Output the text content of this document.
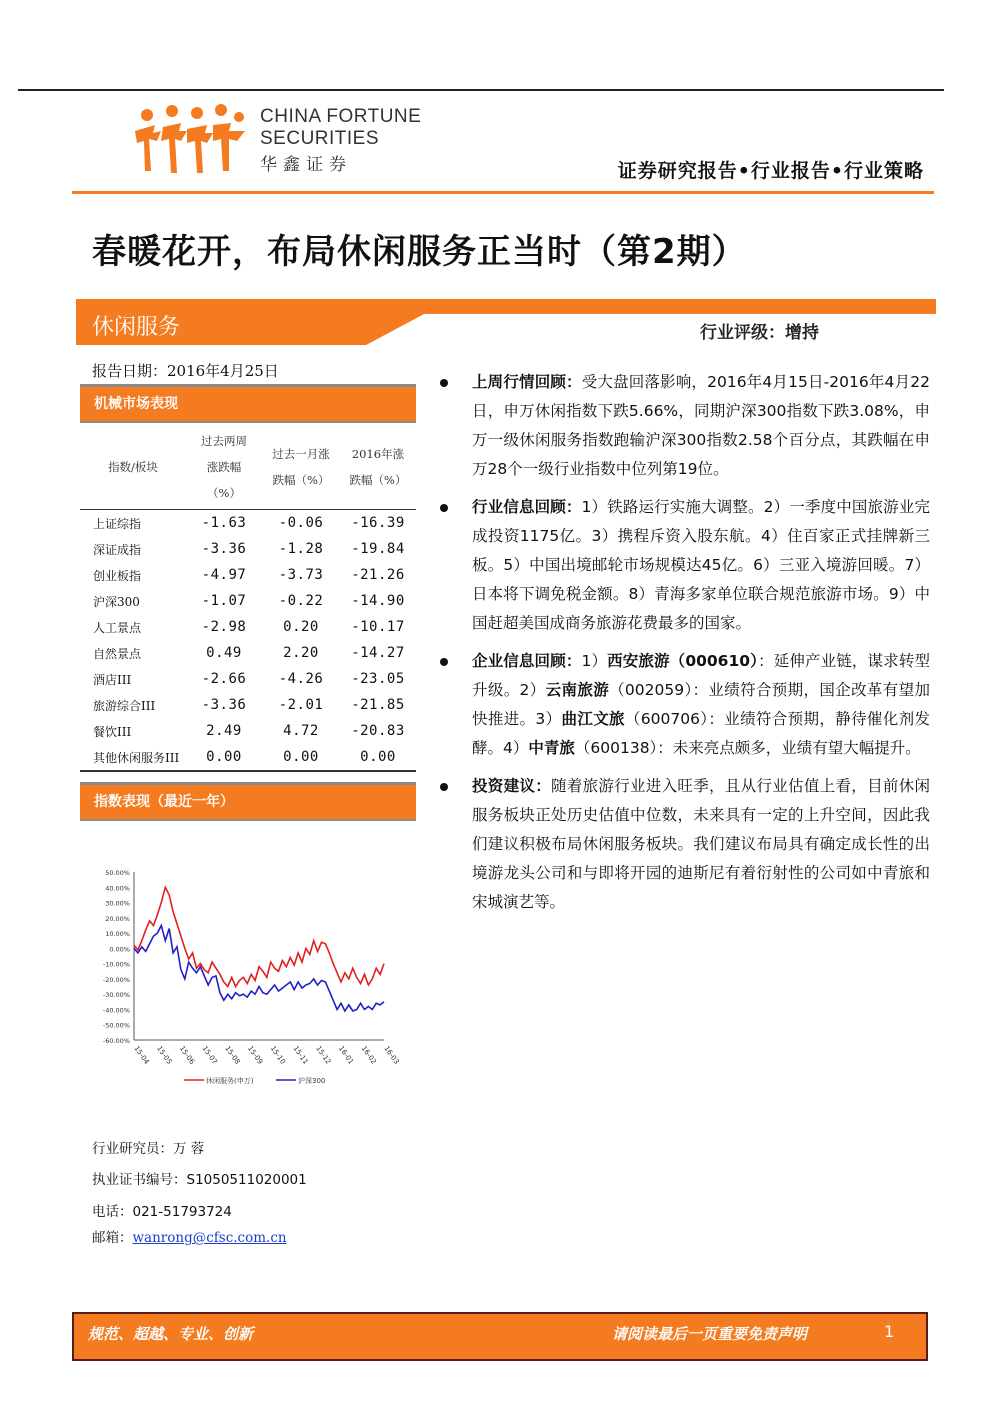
CHINA FORTUNE
SECURITIES
华鑫证券	证券研究报告•行业报告•行业策略
春暖花开，布局休闲服务正当时（第2期）
休闲服务	行业评级：增持
报告日期：2016年4月25日
机械市场表现
指数/板块	过去两周涨跌幅（%）	过去一月涨跌幅（%）	2016年涨跌幅（%）
上证综指	-1.63	-0.06	-16.39
深证成指	-3.36	-1.28	-19.84
创业板指	-4.97	-3.73	-21.26
沪深300	-1.07	-0.22	-14.90
人工景点	-2.98	0.20	-10.17
自然景点	0.49	2.20	-14.27
酒店III	-2.66	-4.26	-23.05
旅游综合III	-3.36	-2.01	-21.85
餐饮III	2.49	4.72	-20.83
其他休闲服务III	0.00	0.00	0.00
指数表现（最近一年）
50.00%
40.00%
30.00%
20.00%
10.00%
0.00%
-10.00%
-20.00%
-30.00%
-40.00%
-50.00%
-60.00%
15-04 15-05 15-06 15-07 15-08 15-09 15-10 15-11 15-12 16-01 16-02 16-03
休闲服务(申万)	沪深300
上周行情回顾：受大盘回落影响，2016年4月15日-2016年4月22日，申万休闲指数下跌5.66%，同期沪深300指数下跌3.08%，申万一级休闲服务指数跑输沪深300指数2.58个百分点，其跌幅在申万28个一级行业指数中位列第19位。
行业信息回顾：1）铁路运行实施大调整。2）一季度中国旅游业完成投资1175亿。3）携程斥资入股东航。4）住百家正式挂牌新三板。5）中国出境邮轮市场规模达45亿。6）三亚入境游回暖。7）日本将下调免税金额。8）青海多家单位联合规范旅游市场。9）中国赶超美国成商务旅游花费最多的国家。
企业信息回顾：1）西安旅游（000610）：延伸产业链，谋求转型升级。2）云南旅游（002059）：业绩符合预期，国企改革有望加快推进。3）曲江文旅（600706）：业绩符合预期，静待催化剂发酵。4）中青旅（600138）：未来亮点颇多，业绩有望大幅提升。
投资建议：随着旅游行业进入旺季，且从行业估值上看，目前休闲服务板块正处历史估值中位数，未来具有一定的上升空间，因此我们建议积极布局休闲服务板块。我们建议布局具有确定成长性的出境游龙头公司和与即将开园的迪斯尼有着衍射性的公司如中青旅和宋城演艺等。
行业研究员：万 蓉
执业证书编号：S1050511020001
电话：021-51793724
邮箱：wanrong@cfsc.com.cn
规范、超越、专业、创新	请阅读最后一页重要免责声明	1
